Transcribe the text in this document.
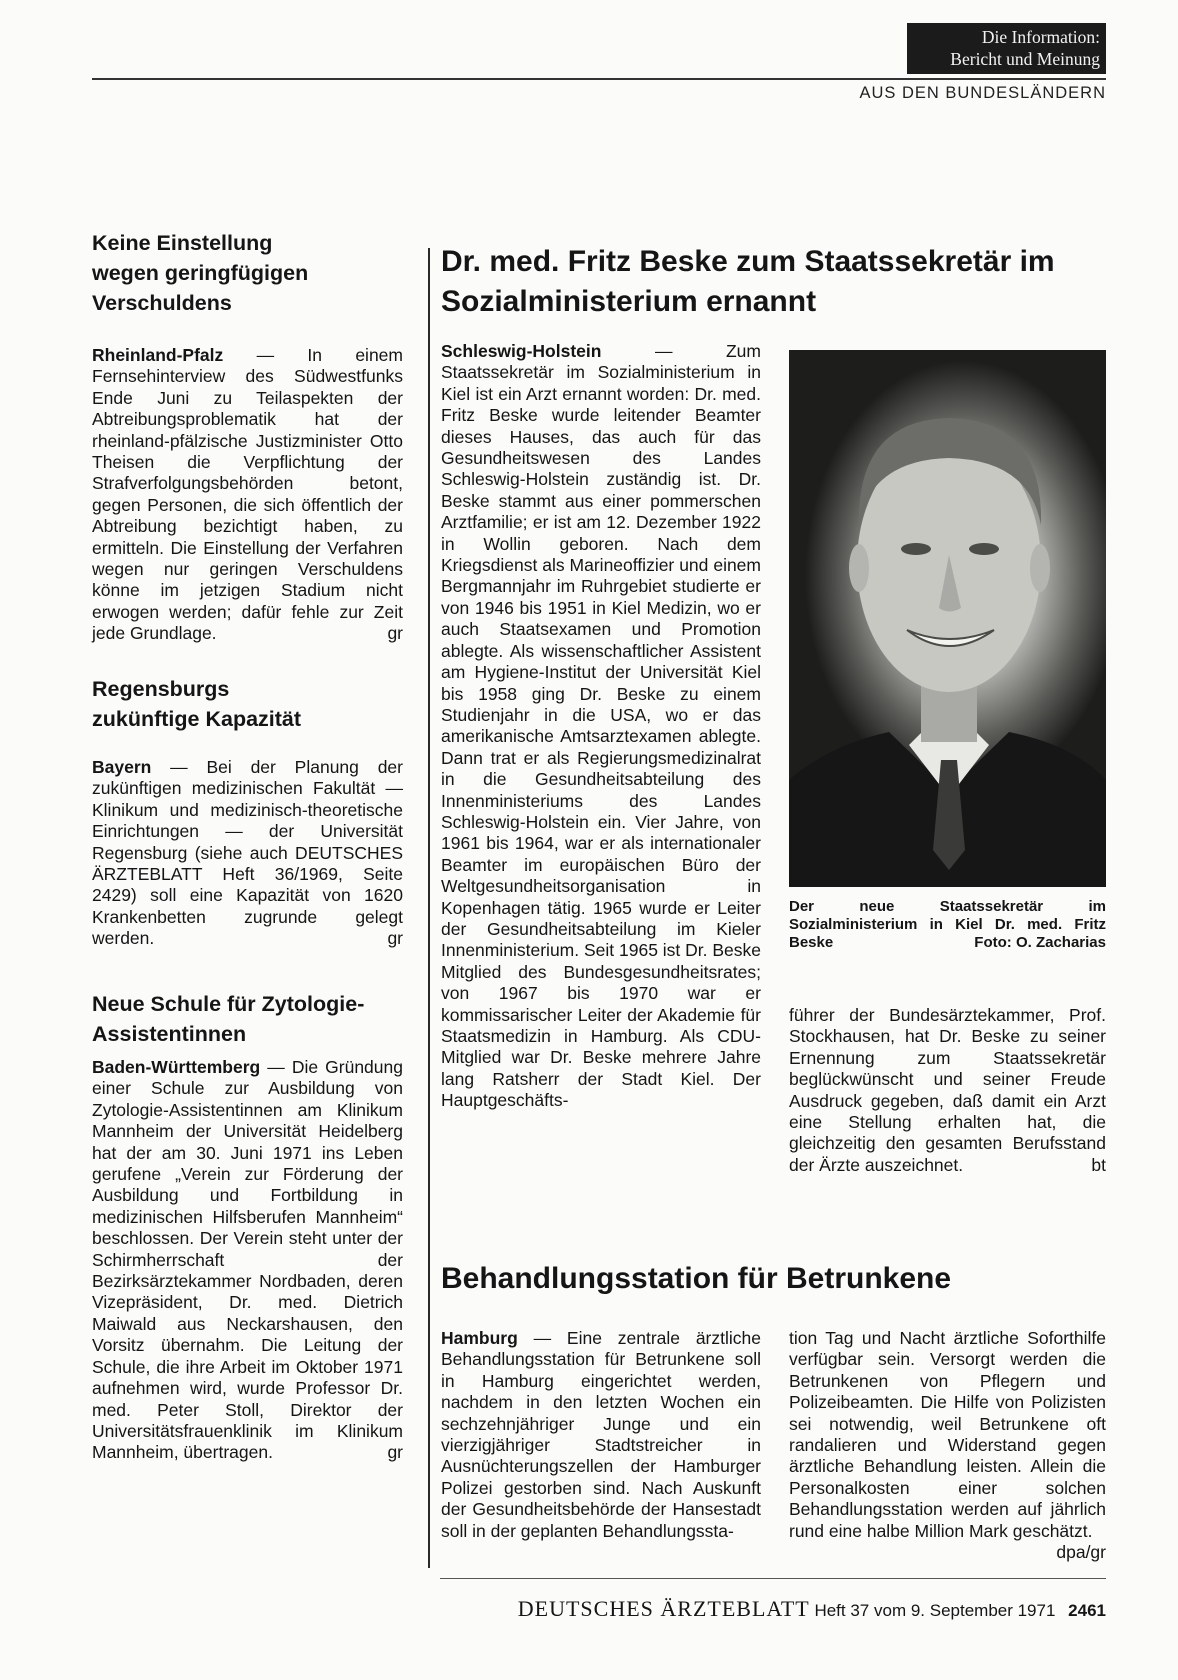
Die Information:
Bericht und Meinung
AUS DEN BUNDESLÄNDERN
Keine Einstellung wegen geringfügigen Verschuldens
Rheinland-Pfalz — In einem Fernsehinterview des Südwestfunks Ende Juni zu Teilaspekten der Abtreibungsproblematik hat der rheinland-pfälzische Justizminister Otto Theisen die Verpflichtung der Strafverfolgungsbehörden betont, gegen Personen, die sich öffentlich der Abtreibung bezichtigt haben, zu ermitteln. Die Einstellung der Verfahren wegen nur geringen Verschuldens könne im jetzigen Stadium nicht erwogen werden; dafür fehle zur Zeit jede Grundlage.	gr
Regensburgs zukünftige Kapazität
Bayern — Bei der Planung der zukünftigen medizinischen Fakultät — Klinikum und medizinisch-theoretische Einrichtungen — der Universität Regensburg (siehe auch DEUTSCHES ÄRZTEBLATT Heft 36/1969, Seite 2429) soll eine Kapazität von 1620 Krankenbetten zugrunde gelegt werden.	gr
Neue Schule für Zytologie-Assistentinnen
Baden-Württemberg — Die Gründung einer Schule zur Ausbildung von Zytologie-Assistentinnen am Klinikum Mannheim der Universität Heidelberg hat der am 30. Juni 1971 ins Leben gerufene „Verein zur Förderung der Ausbildung und Fortbildung in medizinischen Hilfsberufen Mannheim“ beschlossen. Der Verein steht unter der Schirmherrschaft der Bezirksärztekammer Nordbaden, deren Vizepräsident, Dr. med. Dietrich Maiwald aus Neckarshausen, den Vorsitz übernahm. Die Leitung der Schule, die ihre Arbeit im Oktober 1971 aufnehmen wird, wurde Professor Dr. med. Peter Stoll, Direktor der Universitätsfrauenklinik im Klinikum Mannheim, übertragen.	gr
Dr. med. Fritz Beske zum Staatssekretär im Sozialministerium ernannt
Schleswig-Holstein — Zum Staatssekretär im Sozialministerium in Kiel ist ein Arzt ernannt worden: Dr. med. Fritz Beske wurde leitender Beamter dieses Hauses, das auch für das Gesundheitswesen des Landes Schleswig-Holstein zuständig ist. Dr. Beske stammt aus einer pommerschen Arztfamilie; er ist am 12. Dezember 1922 in Wollin geboren. Nach dem Kriegsdienst als Marineoffizier und einem Bergmannjahr im Ruhrgebiet studierte er von 1946 bis 1951 in Kiel Medizin, wo er auch Staatsexamen und Promotion ablegte. Als wissenschaftlicher Assistent am Hygiene-Institut der Universität Kiel bis 1958 ging Dr. Beske zu einem Studienjahr in die USA, wo er das amerikanische Amtsarztexamen ablegte. Dann trat er als Regierungsmedizinalrat in die Gesundheitsabteilung des Innenministeriums des Landes Schleswig-Holstein ein. Vier Jahre, von 1961 bis 1964, war er als internationaler Beamter im europäischen Büro der Weltgesundheitsorganisation in Kopenhagen tätig. 1965 wurde er Leiter der Gesundheitsabteilung im Kieler Innenministerium. Seit 1965 ist Dr. Beske Mitglied des Bundesgesundheitsrates; von 1967 bis 1970 war er kommissarischer Leiter der Akademie für Staatsmedizin in Hamburg. Als CDU-Mitglied war Dr. Beske mehrere Jahre lang Ratsherr der Stadt Kiel. Der Hauptgeschäfts-
Der neue Staatssekretär im Sozialministerium in Kiel Dr. med. Fritz Beske	Foto: O. Zacharias
führer der Bundesärztekammer, Prof. Stockhausen, hat Dr. Beske zu seiner Ernennung zum Staatssekretär beglückwünscht und seiner Freude Ausdruck gegeben, daß damit ein Arzt eine Stellung erhalten hat, die gleichzeitig den gesamten Berufsstand der Ärzte auszeichnet.	bt
Behandlungsstation für Betrunkene
Hamburg — Eine zentrale ärztliche Behandlungsstation für Betrunkene soll in Hamburg eingerichtet werden, nachdem in den letzten Wochen ein sechzehnjähriger Junge und ein vierzigjähriger Stadtstreicher in Ausnüchterungszellen der Hamburger Polizei gestorben sind. Nach Auskunft der Gesundheitsbehörde der Hansestadt soll in der geplanten Behandlungssta-
tion Tag und Nacht ärztliche Soforthilfe verfügbar sein. Versorgt werden die Betrunkenen von Pflegern und Polizeibeamten. Die Hilfe von Polizisten sei notwendig, weil Betrunkene oft randalieren und Widerstand gegen ärztliche Behandlung leisten. Allein die Personalkosten einer solchen Behandlungsstation werden auf jährlich rund eine halbe Million Mark geschätzt.
dpa/gr
DEUTSCHES ÄRZTEBLATT Heft 37 vom 9. September 1971 2461
